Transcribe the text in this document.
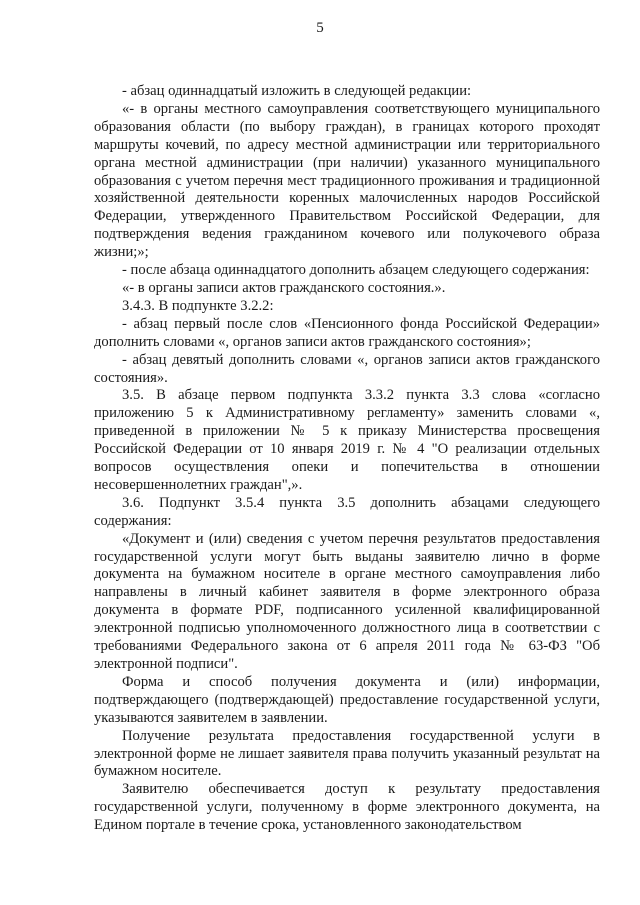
5

- абзац одиннадцатый изложить в следующей редакции:

«- в органы местного самоуправления соответствующего муниципального образования области (по выбору граждан), в границах которого проходят маршруты кочевий, по адресу местной администрации или территориального органа местной администрации (при наличии) указанного муниципального образования с учетом перечня мест традиционного проживания и традиционной хозяйственной деятельности коренных малочисленных народов Российской Федерации, утвержденного Правительством Российской Федерации, для подтверждения ведения гражданином кочевого или полукочевого образа жизни;»;

- после абзаца одиннадцатого дополнить абзацем следующего содержания:

«- в органы записи актов гражданского состояния.».

3.4.3. В подпункте 3.2.2:

- абзац первый после слов «Пенсионного фонда Российской Федерации» дополнить словами «, органов записи актов гражданского состояния»;

- абзац девятый дополнить словами «, органов записи актов гражданского состояния».

3.5. В абзаце первом подпункта 3.3.2 пункта 3.3 слова «согласно приложению 5 к Административному регламенту» заменить словами «, приведенной в приложении № 5 к приказу Министерства просвещения Российской Федерации от 10 января 2019 г. № 4 "О реализации отдельных вопросов осуществления опеки и попечительства в отношении несовершеннолетних граждан",».

3.6. Подпункт 3.5.4 пункта 3.5 дополнить абзацами следующего содержания:

«Документ и (или) сведения с учетом перечня результатов предоставления государственной услуги могут быть выданы заявителю лично в форме документа на бумажном носителе в органе местного самоуправления либо направлены в личный кабинет заявителя в форме электронного образа документа в формате PDF, подписанного усиленной квалифицированной электронной подписью уполномоченного должностного лица в соответствии с требованиями Федерального закона от 6 апреля 2011 года № 63-ФЗ "Об электронной подписи".

Форма и способ получения документа и (или) информации, подтверждающего (подтверждающей) предоставление государственной услуги, указываются заявителем в заявлении.

Получение результата предоставления государственной услуги в электронной форме не лишает заявителя права получить указанный результат на бумажном носителе.

Заявителю обеспечивается доступ к результату предоставления государственной услуги, полученному в форме электронного документа, на Едином портале в течение срока, установленного законодательством
